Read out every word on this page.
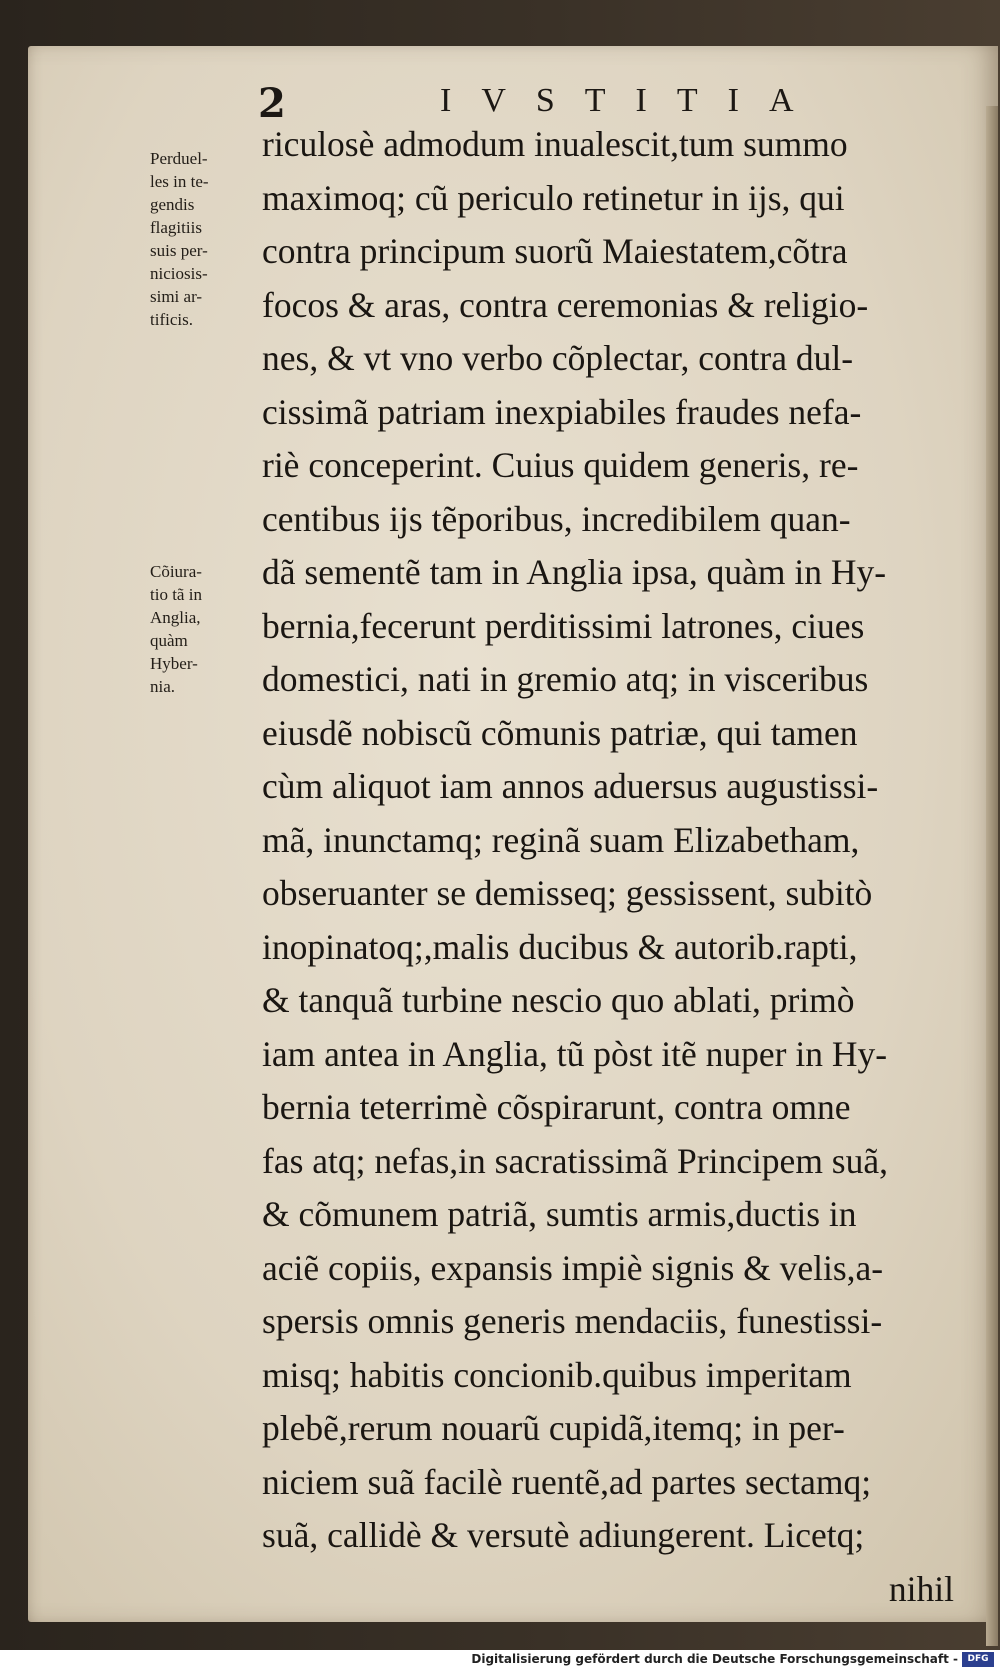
2	IVSTITIA
Perduel-
les in te-
gendis
flagitiis
suis per-
niciosis-
simi ar-
tificis.
Cõiura-
tio tã in
Anglia,
quàm
Hyber-
nia.
riculosè admodum inualescit,tum summo
maximoq; cũ periculo retinetur in ijs, qui
contra principum suorũ Maiestatem,cõtra
focos & aras, contra ceremonias & religio-
nes, & vt vno verbo cõplectar, contra dul-
cissimã patriam inexpiabiles fraudes nefa-
riè conceperint. Cuius quidem generis, re-
centibus ijs tẽporibus, incredibilem quan-
dã sementẽ tam in Anglia ipsa, quàm in Hy-
bernia,fecerunt perditissimi latrones, ciues
domestici, nati in gremio atq; in visceribus
eiusdẽ nobiscũ cõmunis patriæ, qui tamen
cùm aliquot iam annos aduersus augustissi-
mã, inunctamq; reginã suam Elizabetham,
obseruanter se demisseq; gessissent, subitò
inopinatoq;,malis ducibus & autorib.rapti,
& tanquã turbine nescio quo ablati, primò
iam antea in Anglia, tũ pòst itẽ nuper in Hy-
bernia teterrimè cõspirarunt, contra omne
fas atq; nefas,in sacratissimã Principem suã,
& cõmunem patriã, sumtis armis,ductis in
aciẽ copiis, expansis impiè signis & velis,a-
spersis omnis generis mendaciis, funestissi-
misq; habitis concionib.quibus imperitam
plebẽ,rerum nouarũ cupidã,itemq; in per-
niciem suã facilè ruentẽ,ad partes sectamq;
suã, callidè & versutè adiungerent. Licetq;
nihil
Digitalisierung gefördert durch die Deutsche Forschungsgemeinschaft -	DFG
